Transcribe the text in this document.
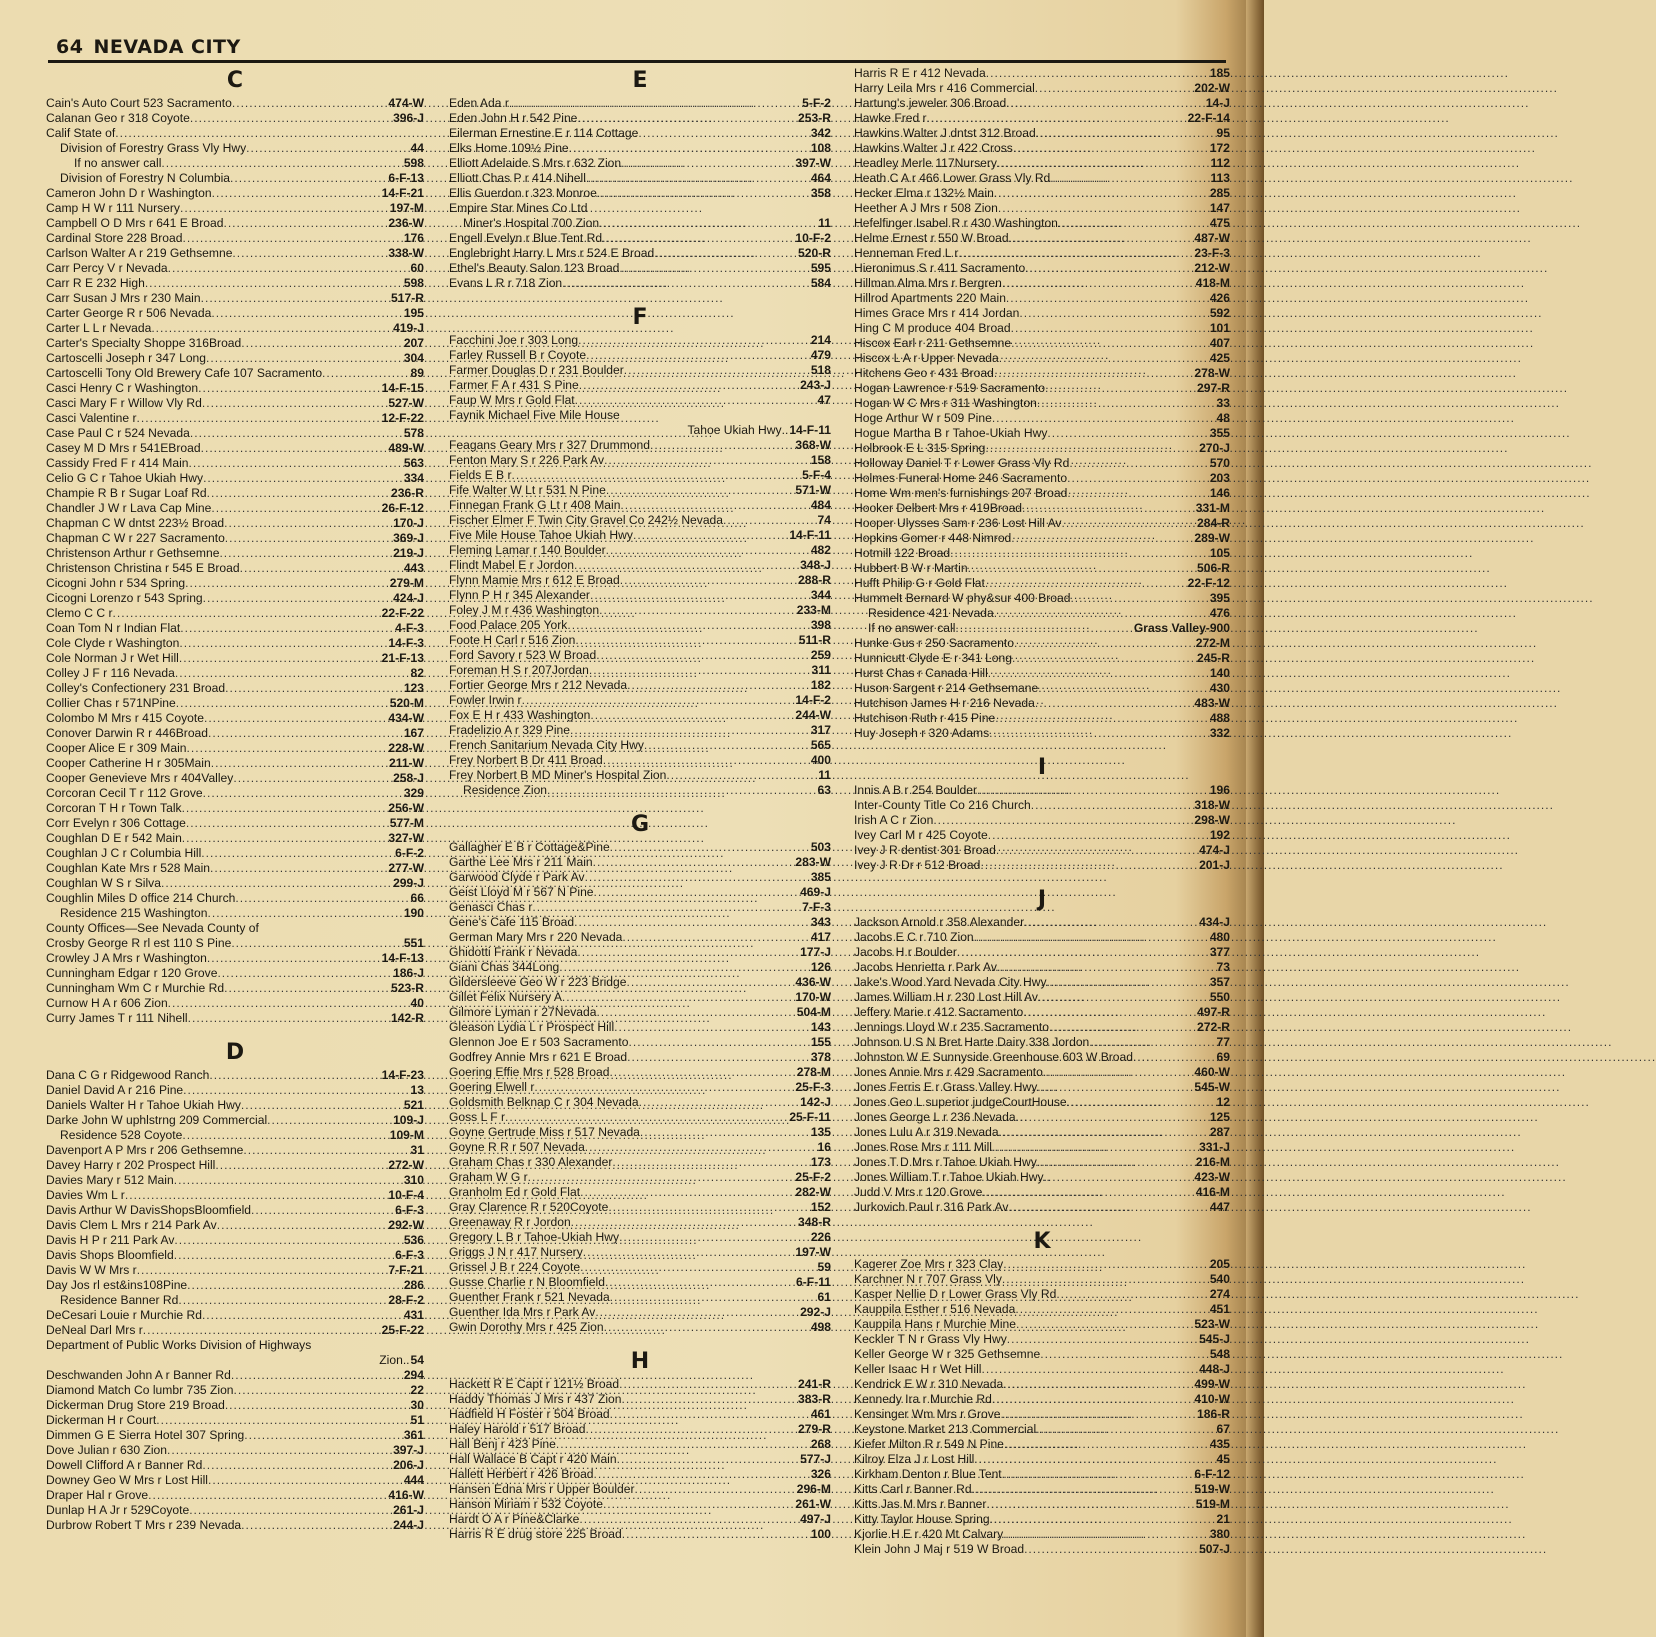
64 NEVADA CITY
C
Cain's Auto Court 523 Sacramento .....	474-W
Calanan Geo r 318 Coyote .....	396-J
Calif State of
.....
Division of Forestry Grass Vly Hwy .....	44
If no answer call .....	598
Division of Forestry N Columbia .....	6-F-13
Cameron John D r Washington .....	14-F-21
Camp H W r 111 Nursery .....	197-M
Campbell O D Mrs r 641 E Broad .....	236-W
Cardinal Store 228 Broad .....	176
Carlson Walter A r 219 Gethsemne .....	338-W
Carr Percy V r Nevada .....	60
Carr R E 232 High .....	598
Carr Susan J Mrs r 230 Main .....	517-R
Carter George R r 506 Nevada .....	195
Carter L L r Nevada .....	419-J
Carter's Specialty Shoppe 316Broad .....	207
Cartoscelli Joseph r 347 Long .....	304
Cartoscelli Tony Old Brewery Cafe 107 Sacramento .....	89
Casci Henry C r Washington .....	14-F-15
Casci Mary F r Willow Vly Rd .....	527-W
Casci Valentine r .....	12-F-22
Case Paul C r 524 Nevada .....	578
Casey M D Mrs r 541EBroad .....	489-W
Cassidy Fred F r 414 Main .....	563
Celio G C r Tahoe Ukiah Hwy .....	334
Champie R B r Sugar Loaf Rd .....	236-R
Chandler J W r Lava Cap Mine .....	26-F-12
Chapman C W dntst 223½ Broad .....	170-J
Chapman C W r 227 Sacramento .....	369-J
Christenson Arthur r Gethsemne .....	219-J
Christenson Christina r 545 E Broad .....	443
Cicogni John r 534 Spring .....	279-M
Cicogni Lorenzo r 543 Spring .....	424-J
Clemo C C r .....	22-F-22
Coan Tom N r Indian Flat .....	4-F-3
Cole Clyde r Washington .....	14-F-3
Cole Norman J r Wet Hill .....	21-F-13
Colley J F r 116 Nevada .....	82
Colley's Confectionery 231 Broad .....	123
Collier Chas r 571NPine .....	520-M
Colombo M Mrs r 415 Coyote .....	434-W
Conover Darwin R r 446Broad .....	167
Cooper Alice E r 309 Main .....	228-W
Cooper Catherine H r 305Main .....	211-W
Cooper Genevieve Mrs r 404Valley .....	258-J
Corcoran Cecil T r 112 Grove .....	329
Corcoran T H r Town Talk .....	256-W
Corr Evelyn r 306 Cottage .....	577-M
Coughlan D E r 542 Main .....	327-W
Coughlan J C r Columbia Hill .....	6-F-2
Coughlan Kate Mrs r 528 Main .....	277-W
Coughlan W S r Silva .....	299-J
Coughlin Miles D office 214 Church .....	66
Residence 215 Washington .....	190
County Offices—See Nevada County of
Crosby George R rl est 110 S Pine .....	551
Crowley J A Mrs r Washington .....	14-F-13
Cunningham Edgar r 120 Grove .....	186-J
Cunningham Wm C r Murchie Rd .....	523-R
Curnow H A r 606 Zion .....	40
Curry James T r 111 Nihell .....	142-R
D
Dana C G r Ridgewood Ranch .....	14-F-23
Daniel David A r 216 Pine .....	13
Daniels Walter H r Tahoe Ukiah Hwy .....	521
Darke John W uphlstrng 209 Commercial .....	109-J
Residence 528 Coyote .....	109-M
Davenport A P Mrs r 206 Gethsemne .....	31
Davey Harry r 202 Prospect Hill .....	272-W
Davies Mary r 512 Main .....	310
Davies Wm L r .....	10-F-4
Davis Arthur W DavisShopsBloomfield .....	6-F-3
Davis Clem L Mrs r 214 Park Av .....	292-W
Davis H P r 211 Park Av .....	536
Davis Shops Bloomfield .....	6-F-3
Davis W W Mrs r .....	7-F-21
Day Jos rl est&ins108Pine .....	286
Residence Banner Rd .....	28-F-2
DeCesari Louie r Murchie Rd .....	431
DeNeal Darl Mrs r .....	25-F-22
Department of Public Works Division of Highways
Zion .. 54
Deschwanden John A r Banner Rd .....	294
Diamond Match Co lumbr 735 Zion .....	22
Dickerman Drug Store 219 Broad .....	30
Dickerman H r Court .....	51
Dimmen G E Sierra Hotel 307 Spring .....	361
Dove Julian r 630 Zion .....	397-J
Dowell Clifford A r Banner Rd .....	206-J
Downey Geo W Mrs r Lost Hill .....	444
Draper Hal r Grove .....	416-W
Dunlap H A Jr r 529Coyote .....	261-J
Durbrow Robert T Mrs r 239 Nevada .....	244-J
E
Eden Ada r .....	5-F-2
Eden John H r 542 Pine .....	253-R
Eilerman Ernestine E r 114 Cottage .....	342
Elks Home 109½ Pine .....	108
Elliott Adelaide S Mrs r 632 Zion .....	397-W
Elliott Chas P r 414 Nihell .....	464
Ellis Guerdon r 323 Monroe .....	358
Empire Star Mines Co Ltd
Miner's Hospital 700 Zion .....	11
Engell Evelyn r Blue Tent Rd .....	10-F-2
Englebright Harry L Mrs r 524 E Broad .....	520-R
Ethel's Beauty Salon 123 Broad .....	595
Evans L R r 718 Zion .....	584
F
Facchini Joe r 303 Long .....	214
Farley Russell B r Coyote .....	479
Farmer Douglas D r 231 Boulder .....	518
Farmer F A r 431 S Pine .....	243-J
Faup W Mrs r Gold Flat .....	47
Faynik Michael Five Mile House
Tahoe Ukiah Hwy .. 14-F-11
Feagans Geary Mrs r 327 Drummond .....	368-W
Fenton Mary S r 226 Park Av .....	158
Fields E B r .....	5-F-4
Fife Walter W Lt r 531 N Pine .....	571-W
Finnegan Frank G Lt r 408 Main .....	484
Fischer Elmer F Twin City Gravel Co 242½ Nevada .....	74
Five Mile House Tahoe Ukiah Hwy .....	14-F-11
Fleming Lamar r 140 Boulder .....	482
Flindt Mabel E r Jordon .....	348-J
Flynn Mamie Mrs r 612 E Broad .....	288-R
Flynn P H r 345 Alexander .....	344
Foley J M r 436 Washington .....	233-M
Food Palace 205 York .....	398
Foote H Carl r 516 Zion .....	511-R
Ford Savory r 523 W Broad .....	259
Foreman H S r 207Jordan .....	311
Fortier George Mrs r 212 Nevada .....	182
Fowler Irwin r .....	14-F-2
Fox E H r 433 Washington .....	244-W
Fradelizio A r 329 Pine .....	317
French Sanitarium Nevada City Hwy .....	565
Frey Norbert B Dr 411 Broad .....	400
Frey Norbert B MD Miner's Hospital Zion .....	11
Residence Zion .....	63
G
Gallagher E B r Cottage&Pine .....	503
Garthe Lee Mrs r 211 Main .....	283-W
Garwood Clyde r Park Av .....	385
Geist Lloyd M r 567 N Pine .....	469-J
Genasci Chas r .....	7-F-3
Gene's Cafe 115 Broad .....	343
German Mary Mrs r 220 Nevada .....	417
Ghidotti Frank r Nevada .....	177-J
Giani Chas 344Long .....	126
Gildersleeve Geo W r 223 Bridge .....	436-W
Gillet Felix Nursery A .....	170-W
Gilmore Lyman r 27Nevada .....	504-M
Gleason Lydia L r Prospect Hill .....	143
Glennon Joe E r 503 Sacramento .....	155
Godfrey Annie Mrs r 621 E Broad .....	378
Goering Effie Mrs r 528 Broad .....	278-M
Goering Elwell r .....	25-F-3
Goldsmith Belknap C r 304 Nevada .....	142-J
Goss L F r .....	25-F-11
Goyne Gertrude Miss r 517 Nevada .....	135
Goyne R R r 507 Nevada .....	16
Graham Chas r 330 Alexander .....	173
Graham W G r .....	25-F-2
Granholm Ed r Gold Flat .....	282-W
Gray Clarence R r 520Coyote .....	152
Greenaway R r Jordon .....	348-R
Gregory L B r Tahoe-Ukiah Hwy .....	226
Griggs J N r 417 Nursery .....	197-W
Grissel J B r 224 Coyote .....	59
Gusse Charlie r N Bloomfield .....	6-F-11
Guenther Frank r 521 Nevada .....	61
Guenther Ida Mrs r Park Av .....	292-J
Gwin Dorothy Mrs r 425 Zion .....	498
H
Hackett R E Capt r 121½ Broad .....	241-R
Haddy Thomas J Mrs r 437 Zion .....	383-R
Hadfield H Foster r 504 Broad .....	461
Haley Harold r 517 Broad .....	279-R
Hall Benj r 423 Pine .....	268
Hall Wallace B Capt r 420 Main .....	577-J
Hallett Herbert r 426 Broad .....	326
Hansen Edna Mrs r Upper Boulder .....	296-M
Hanson Miriam r 532 Coyote .....	261-W
Hardt O A r Pine&Clarke .....	497-J
Harris R E drug store 225 Broad .....	100
Harris R E r 412 Nevada .....	185
Harry Leila Mrs r 416 Commercial .....	202-W
Hartung's jeweler 306 Broad .....	14-J
Hawke Fred r .....	22-F-14
Hawkins Walter J dntst 312 Broad .....	95
Hawkins Walter J r 422 Cross .....	172
Headley Merle 117Nursery .....	112
Heath C A r 466 Lower Grass Vly Rd .....	113
Hecker Elma r 132½ Main .....	285
Heether A J Mrs r 508 Zion .....	147
Hefelfinger Isabel R r 430 Washington .....	475
Helme Ernest r 550 W Broad .....	487-W
Henneman Fred L r .....	23-F-3
Hieronimus S r 411 Sacramento .....	212-W
Hillman Alma Mrs r Bergren .....	418-M
Hillrod Apartments 220 Main .....	426
Himes Grace Mrs r 414 Jordan .....	592
Hing C M produce 404 Broad .....	101
Hiscox Earl r 211 Gethsemne .....	407
Hiscox L A r Upper Nevada .....	425
Hitchens Geo r 431 Broad .....	278-W
Hogan Lawrence r 519 Sacramento .....	297-R
Hogan W C Mrs r 311 Washington .....	33
Hoge Arthur W r 509 Pine .....	48
Hogue Martha B r Tahoe-Ukiah Hwy .....	355
Holbrook E L 315 Spring .....	270-J
Holloway Daniel T r Lower Grass Vly Rd .....	570
Holmes Funeral Home 246 Sacramento .....	203
Home Wm men's furnishings 207 Broad .....	146
Hooker Delbert Mrs r 419Broad .....	331-M
Hooper Ulysses Sam r 236 Lost Hill Av .....	284-R
Hopkins Gomer r 448 Nimrod .....	289-W
Hotmill 122 Broad .....	105
Hubbert B W r Martin .....	506-R
Hufft Philip G r Gold Flat .....	22-F-12
Hummelt Bernard W phy&sur 400 Broad .....	395
Residence 421 Nevada .....	476
If no answer call .....	Grass Valley-900
Hunke Gus r 250 Sacramento .....	272-M
Hunnicutt Clyde E r 341 Long .....	245-R
Hurst Chas r Canada Hill .....	140
Huson Sargent r 214 Gethsemane .....	430
Hutchison James H r 216 Nevada .....	483-W
Hutchison Ruth r 415 Pine .....	488
Huy Joseph r 320 Adams .....	332
I
Innis A B r 254 Boulder .....	196
Inter-County Title Co 216 Church .....	318-W
Irish A C r Zion .....	298-W
Ivey Carl M r 425 Coyote .....	192
Ivey J R dentist 301 Broad .....	474-J
Ivey J R Dr r 512 Broad .....	201-J
J
Jackson Arnold r 358 Alexander .....	434-J
Jacobs E C r 710 Zion .....	480
Jacobs H r Boulder .....	377
Jacobs Henrietta r Park Av .....	73
Jake's Wood Yard Nevada City Hwy .....	357
James William H r 230 Lost Hill Av .....	550
Jeffery Marie r 412 Sacramento .....	497-R
Jennings Lloyd W r 235 Sacramento .....	272-R
Johnson U S N Bret Harte Dairy 338 Jordon .....	77
Johnston W E Sunnyside Greenhouse 603 W Broad .....	69
Jones Annie Mrs r 429 Sacramento .....	460-W
Jones Ferris E r Grass Valley Hwy .....	545-W
Jones Geo L superior judgeCourtHouse .....	12
Jones George L r 236 Nevada .....	125
Jones Lulu A r 319 Nevada .....	287
Jones Rose Mrs r 111 Mill .....	331-J
Jones T D Mrs r Tahoe Ukiah Hwy .....	216-M
Jones William T r Tahoe Ukiah Hwy .....	423-W
Judd V Mrs r 120 Grove .....	416-M
Jurkovich Paul r 316 Park Av .....	447
K
Kagerer Zoe Mrs r 323 Clay .....	205
Karchner N r 707 Grass Vly .....	540
Kasper Nellie D r Lower Grass Vly Rd .....	274
Kauppila Esther r 516 Nevada .....	451
Kauppila Hans r Murchie Mine .....	523-W
Keckler T N r Grass Vly Hwy .....	545-J
Keller George W r 325 Gethsemne .....	548
Keller Isaac H r Wet Hill .....	448-J
Kendrick E W r 310 Nevada .....	499-W
Kennedy Ira r Murchie Rd .....	410-W
Kensinger Wm Mrs r Grove .....	186-R
Keystone Market 213 Commercial .....	67
Kiefer Milton R r 549 N Pine .....	435
Kilroy Elza J r Lost Hill .....	45
Kirkham Denton r Blue Tent .....	6-F-12
Kitts Carl r Banner Rd .....	519-W
Kitts Jas M Mrs r Banner .....	519-M
Kitty Taylor House Spring .....	21
Kjorlie H E r 420 Mt Calvary .....	380
Klein John J Maj r 519 W Broad .....	507-J
